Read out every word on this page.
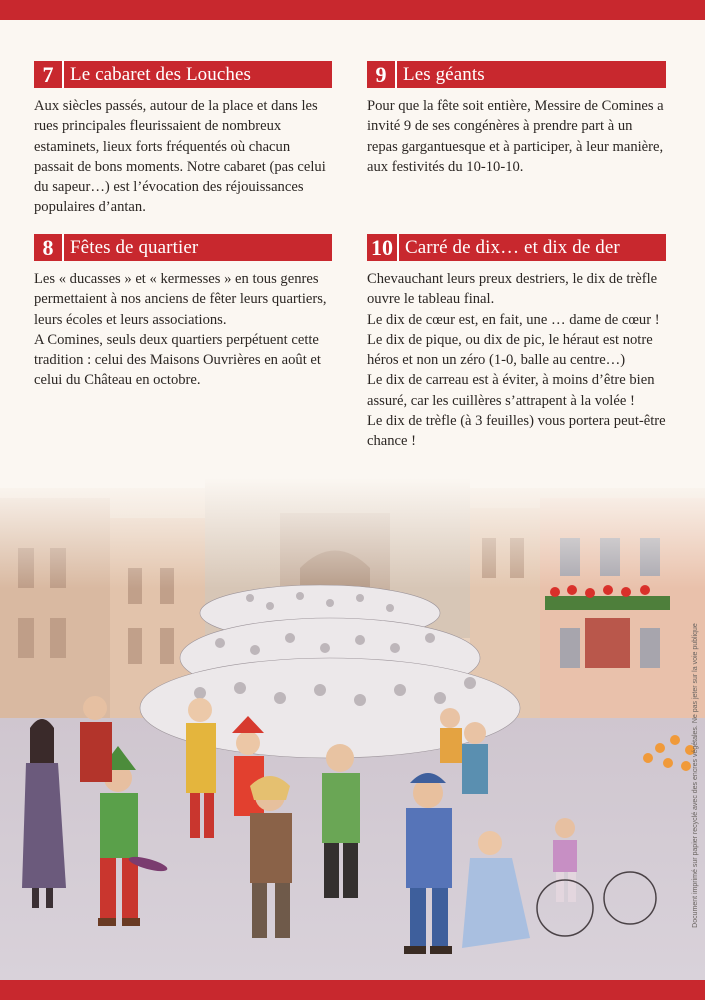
7 Le cabaret des Louches

Aux siècles passés, autour de la place et dans les rues principales fleurissaient de nombreux estaminets, lieux forts fréquentés où chacun passait de bons moments. Notre cabaret (pas celui du sapeur…) est l’évocation des réjouissances populaires d’antan.

9 Les géants

Pour que la fête soit entière, Messire de Comines a invité 9 de ses congénères à prendre part à un repas gargantuesque et à participer, à leur manière, aux festivités du 10-10-10.

8 Fêtes de quartier

Les « ducasses » et « kermesses » en tous genres permettaient à nos anciens de fêter leurs quartiers, leurs écoles et leurs associations.

A Comines, seuls deux quartiers perpétuent cette tradition : celui des Maisons Ouvrières en août et celui du Château en octobre.

10 Carré de dix… et dix de der

Chevauchant leurs preux destriers, le dix de trèfle ouvre le tableau final.

Le dix de cœur est, en fait, une … dame de cœur !

Le dix de pique, ou dix de pic, le héraut est notre héros et non un zéro (1-0, balle au centre…)

Le dix de carreau est à éviter, à moins d’être bien assuré, car les cuillères s’attrapent à la volée !

Le dix de trèfle (à 3 feuilles) vous portera peut-être chance !

Document imprimé sur papier recyclé avec des encres végétales. Ne pas jeter sur la voie publique
